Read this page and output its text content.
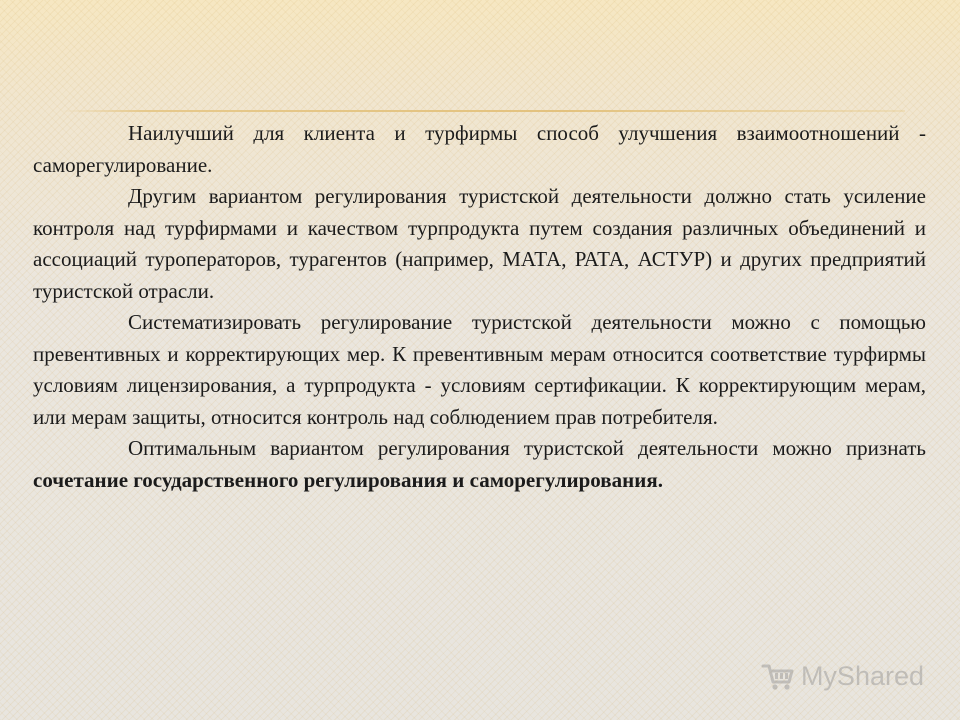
Наилучший для клиента и турфирмы способ улучшения взаимоотношений - саморегулирование.

Другим вариантом регулирования туристской деятельности должно стать усиление контроля над турфирмами и качеством турпродукта путем создания различных объединений и ассоциаций туроператоров, турагентов (например, МАТА, РАТА, АСТУР) и других предприятий туристской отрасли.

Систематизировать регулирование туристской деятельности можно с помощью превентивных и корректирующих мер. К превентивным мерам относится соответствие турфирмы условиям лицензирования, а турпродукта - условиям сертификации. К корректирующим мерам, или мерам защиты, относится контроль над соблюдением прав потребителя.

Оптимальным вариантом регулирования туристской деятельности можно признать сочетание государственного регулирования и саморегулирования.

MyShared
